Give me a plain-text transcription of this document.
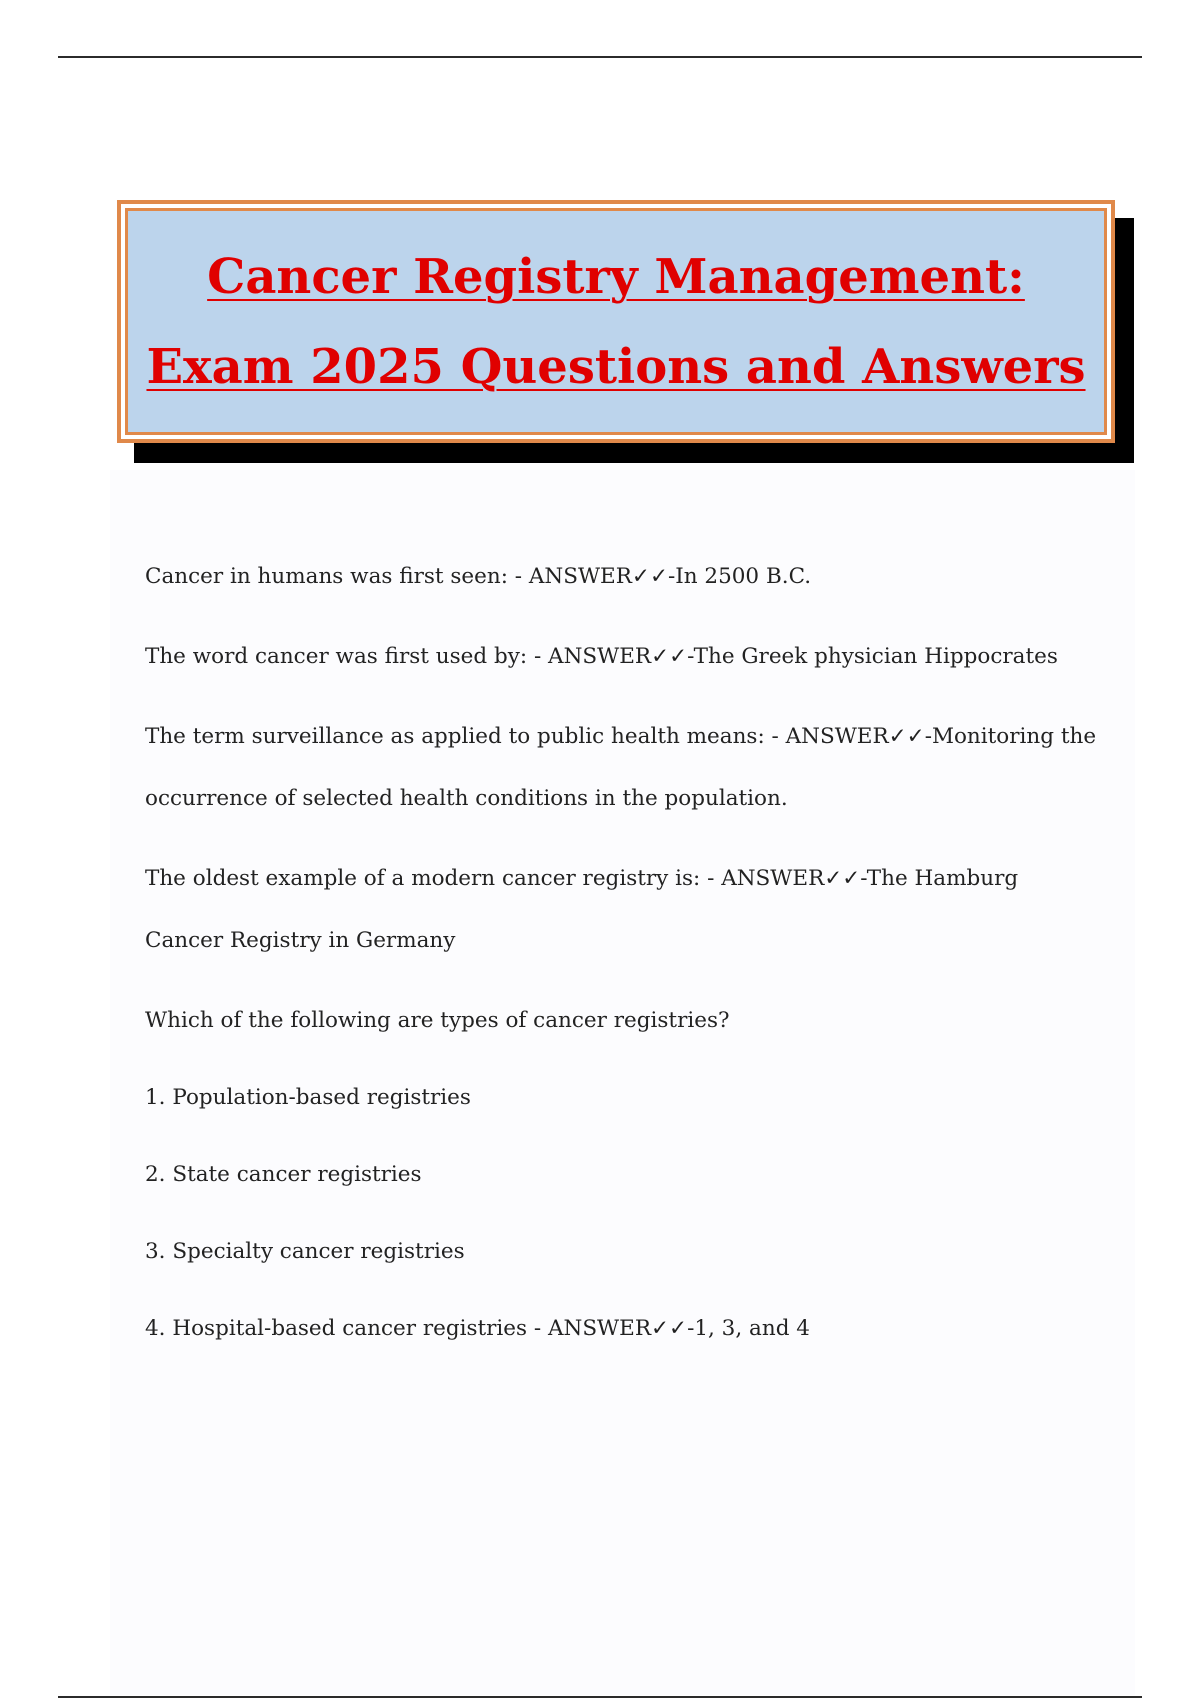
Cancer Registry Management:

Exam 2025 Questions and Answers

Cancer in humans was first seen: - ANSWER✓✓-In 2500 B.C.

The word cancer was first used by: - ANSWER✓✓-The Greek physician Hippocrates

The term surveillance as applied to public health means: - ANSWER✓✓-Monitoring the occurrence of selected health conditions in the population.

The oldest example of a modern cancer registry is: - ANSWER✓✓-The Hamburg Cancer Registry in Germany

Which of the following are types of cancer registries?

1. Population-based registries

2. State cancer registries

3. Specialty cancer registries

4. Hospital-based cancer registries - ANSWER✓✓-1, 3, and 4
